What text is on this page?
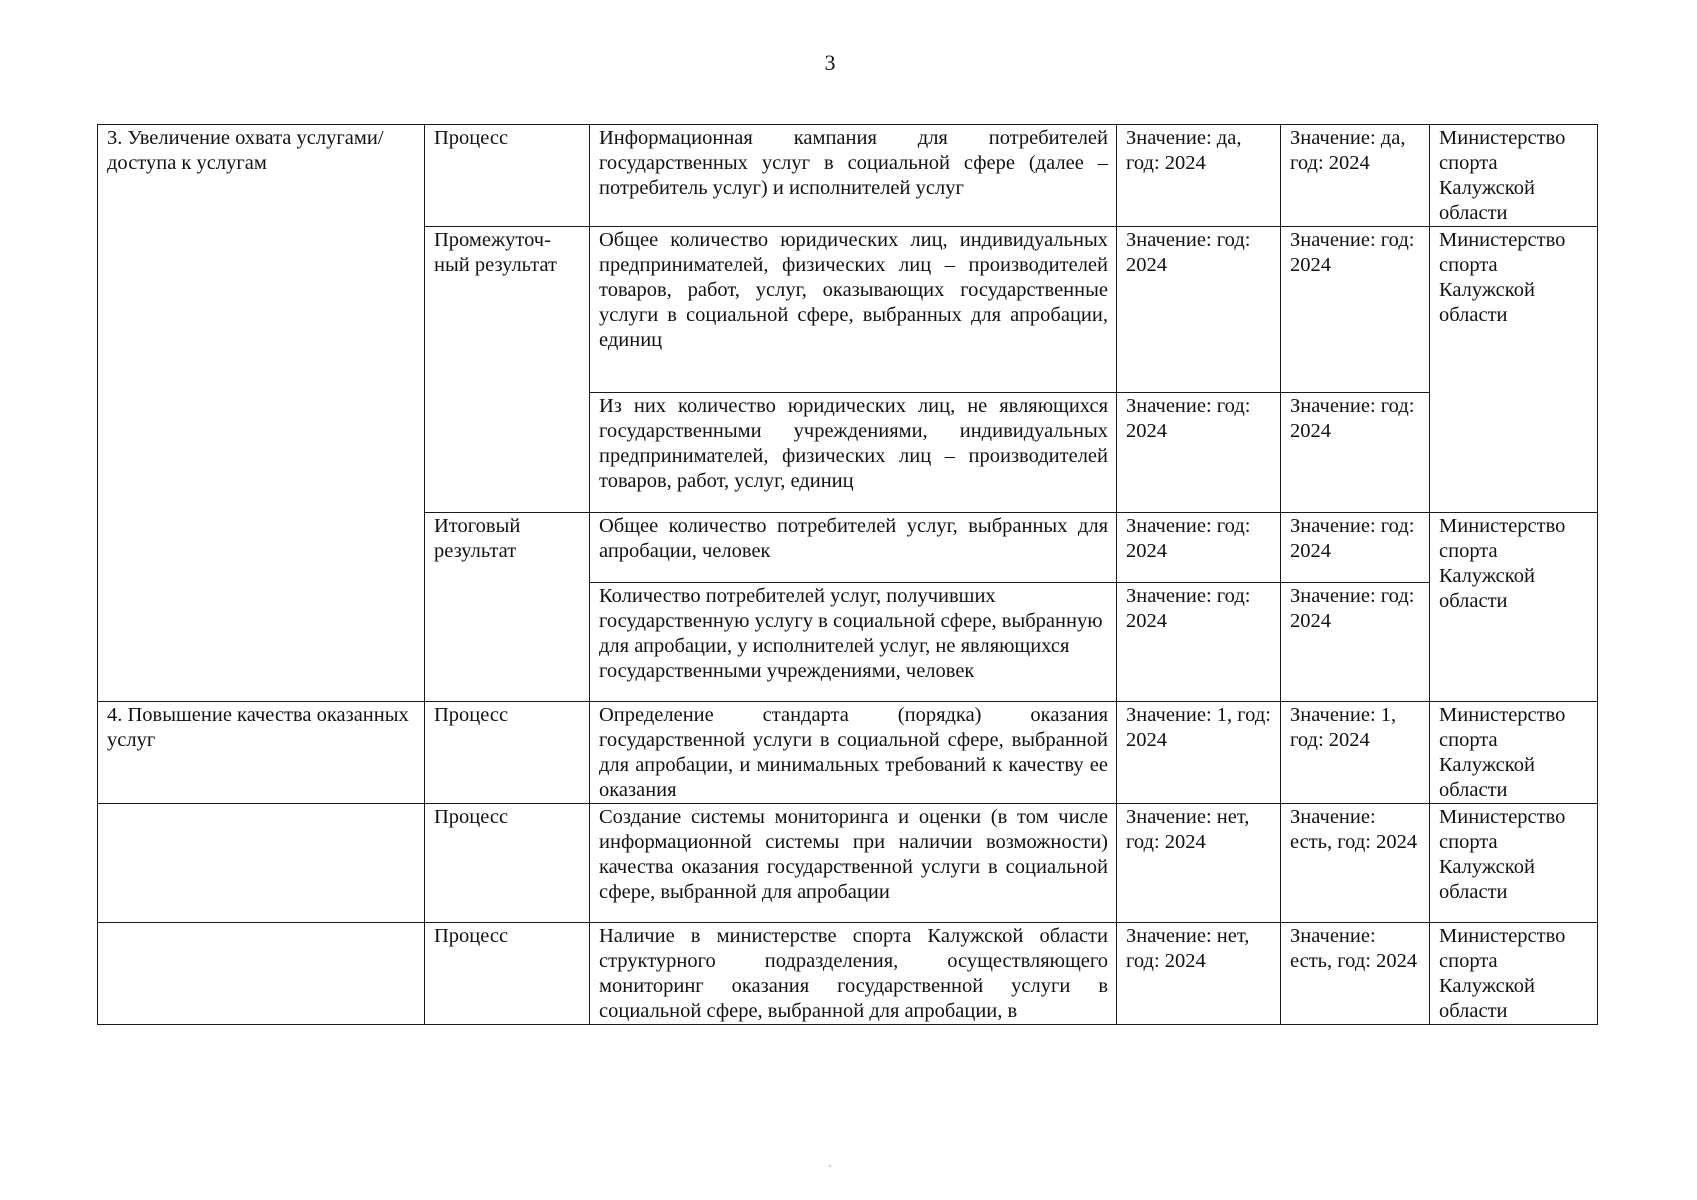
3
3. Увеличение охвата услугами/доступа к услугам	Процесс	Информационная кампания для потребителей государственных услуг в социальной сфере (далее – потребитель услуг) и исполнителей услуг	Значение: да, год: 2024	Значение: да, год: 2024	Министерство спорта Калужской области
	Промежуточ-ный результат	Общее количество юридических лиц, индивидуальных предпринимателей, физических лиц – производителей товаров, работ, услуг, оказывающих государственные услуги в социальной сфере, выбранных для апробации, единиц	Значение: год: 2024	Значение: год: 2024	Министерство спорта Калужской области
		Из них количество юридических лиц, не являющихся государственными учреждениями, индивидуальных предпринимателей, физических лиц – производителей товаров, работ, услуг, единиц	Значение: год: 2024	Значение: год: 2024	
	Итоговый результат	Общее количество потребителей услуг, выбранных для апробации, человек	Значение: год: 2024	Значение: год: 2024	Министерство спорта Калужской области
		Количество потребителей услуг, получивших государственную услугу в социальной сфере, выбранную для апробации, у исполнителей услуг, не являющихся государственными учреждениями, человек	Значение: год: 2024	Значение: год: 2024	
4. Повышение качества оказанных услуг	Процесс	Определение стандарта (порядка) оказания государственной услуги в социальной сфере, выбранной для апробации, и минимальных требований к качеству ее оказания	Значение: 1, год: 2024	Значение: 1, год: 2024	Министерство спорта Калужской области
	Процесс	Создание системы мониторинга и оценки (в том числе информационной системы при наличии возможности) качества оказания государственной услуги в социальной сфере, выбранной для апробации	Значение: нет, год: 2024	Значение: есть, год: 2024	Министерство спорта Калужской области
	Процесс	Наличие в министерстве спорта Калужской области структурного подразделения, осуществляющего мониторинг оказания государственной услуги в социальной сфере, выбранной для апробации, в	Значение: нет, год: 2024	Значение: есть, год: 2024	Министерство спорта Калужской области
